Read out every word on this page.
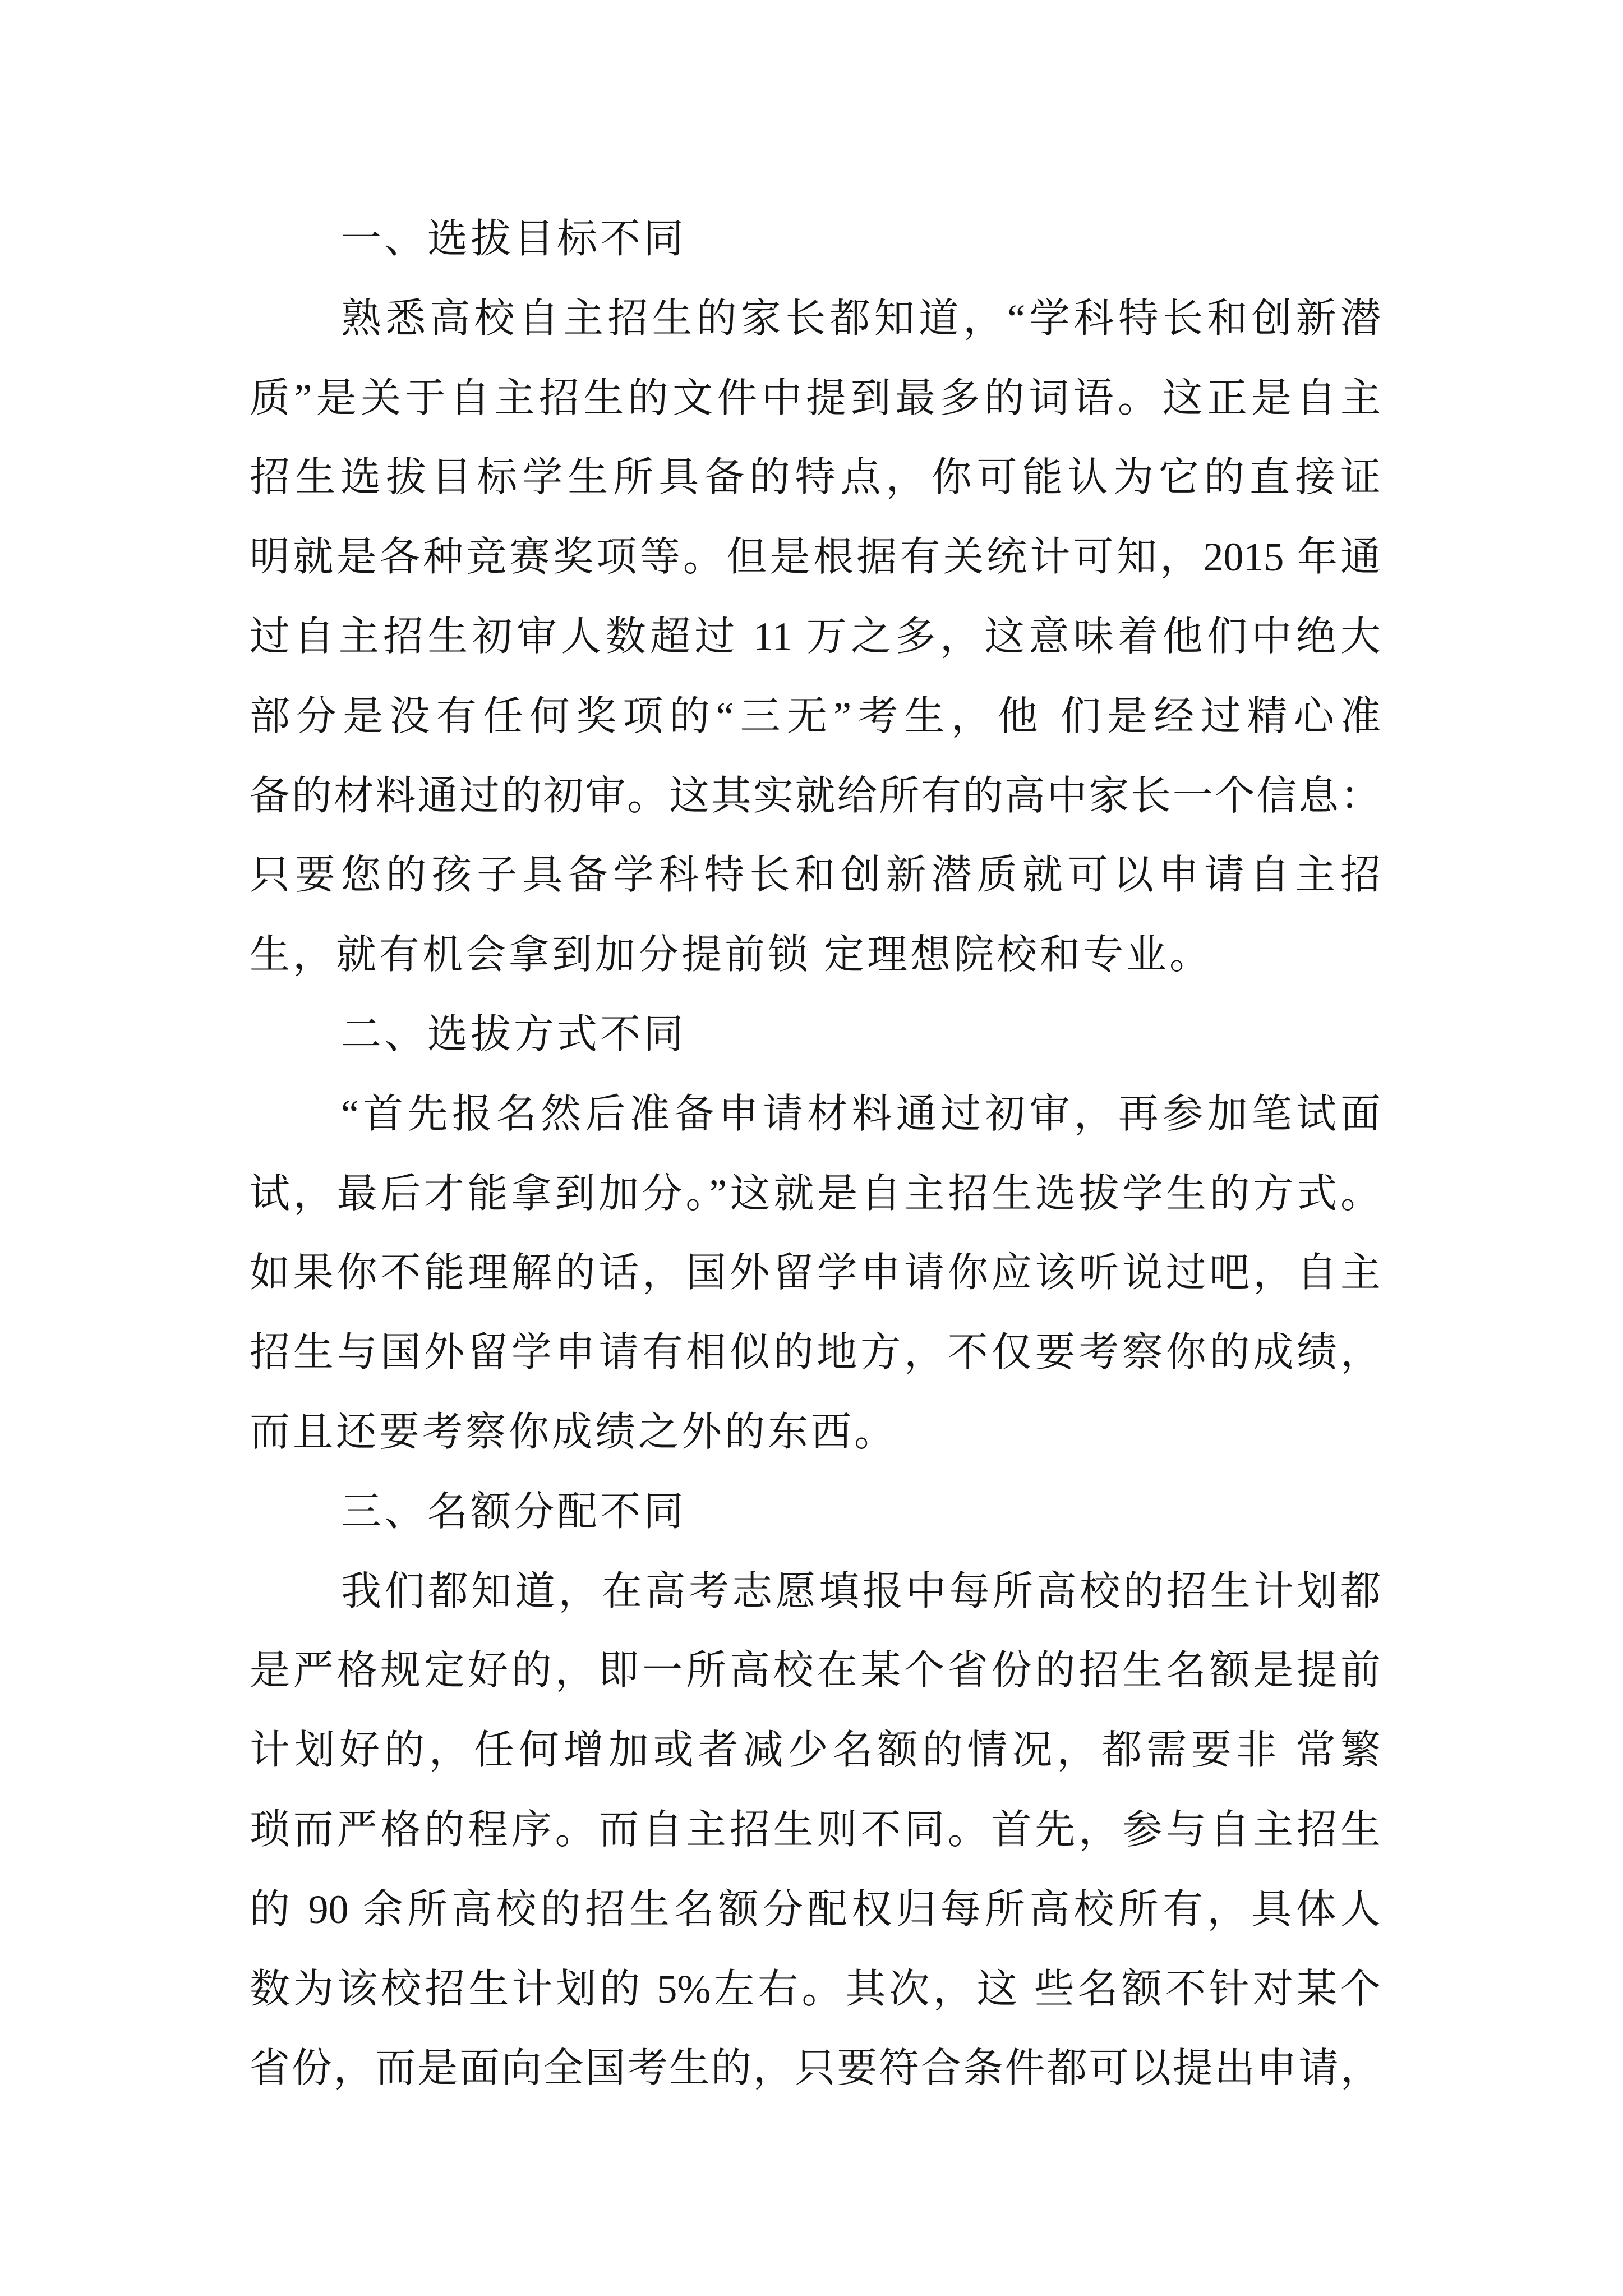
一、选拔目标不同
熟悉高校自主招生的家长都知道，“学科特长和创新潜
质”是关于自主招生的文件中提到最多的词语。这正是自主
招生选拔目标学生所具备的特点，你可能认为它的直接证
明就是各种竞赛奖项等。但是根据有关统计可知，2015 年通
过自主招生初审人数超过 11 万之多，这意味着他们中绝大
部分是没有任何奖项的“三无”考生，他 们是经过精心准
备的材料通过的初审。这其实就给所有的高中家长一个信息：
只要您的孩子具备学科特长和创新潜质就可以申请自主招
生，就有机会拿到加分提前锁 定理想院校和专业。
二、选拔方式不同
“首先报名然后准备申请材料通过初审，再参加笔试面
试，最后才能拿到加分。”这就是自主招生选拔学生的方式。
如果你不能理解的话，国外留学申请你应该听说过吧，自主
招生与国外留学申请有相似的地方，不仅要考察你的成绩，
而且还要考察你成绩之外的东西。
三、名额分配不同
我们都知道，在高考志愿填报中每所高校的招生计划都
是严格规定好的，即一所高校在某个省份的招生名额是提前
计划好的，任何增加或者减少名额的情况，都需要非 常繁
琐而严格的程序。而自主招生则不同。首先，参与自主招生
的 90 余所高校的招生名额分配权归每所高校所有，具体人
数为该校招生计划的 5%左右。其次，这 些名额不针对某个
省份，而是面向全国考生的，只要符合条件都可以提出申请，
